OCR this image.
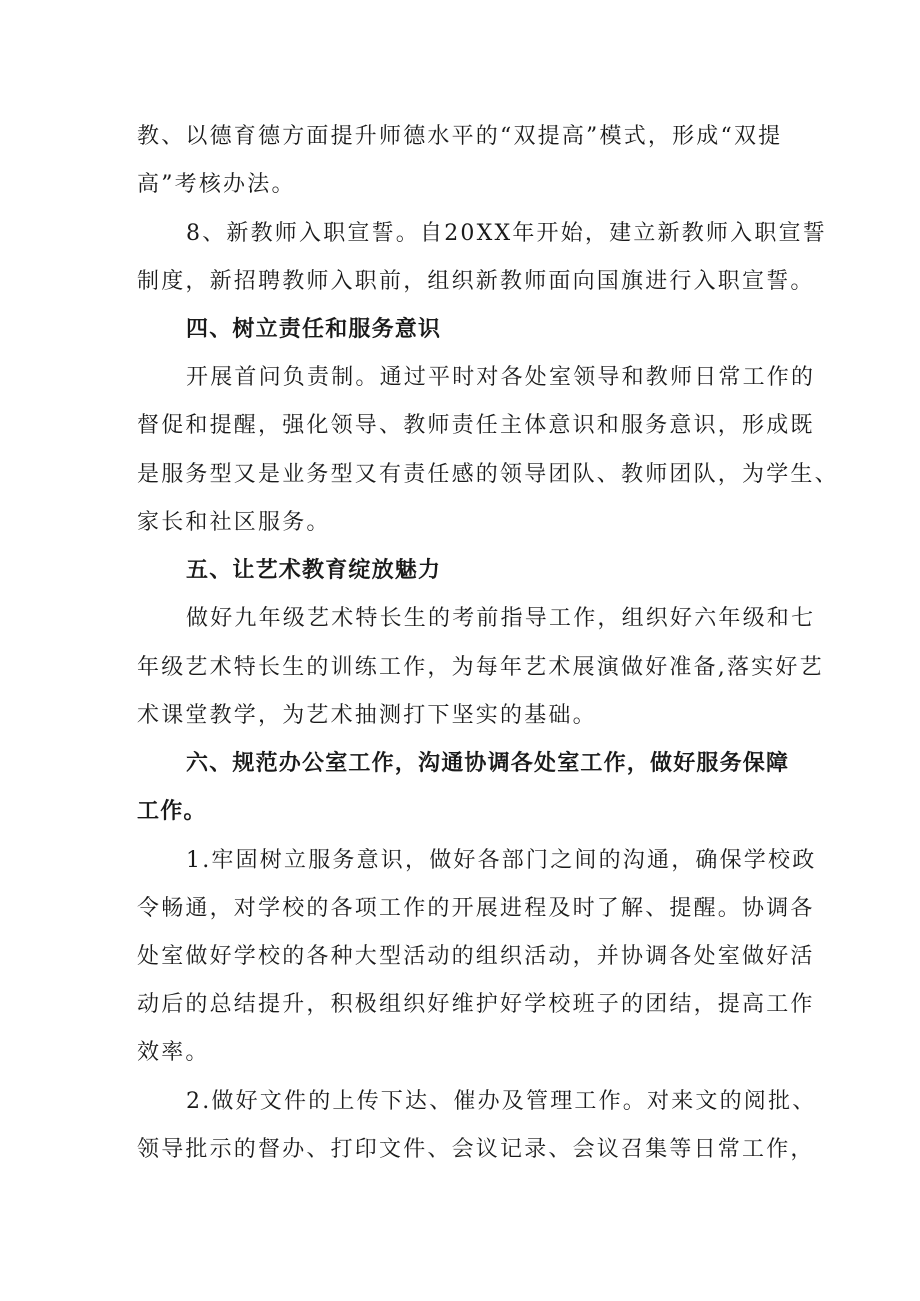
教、以德育德方面提升师德水平的“双提高”模式，形成“双提
高”考核办法。
8、新教师入职宣誓。自20XX年开始，建立新教师入职宣誓
制度，新招聘教师入职前，组织新教师面向国旗进行入职宣誓。
四、树立责任和服务意识
开展首问负责制。通过平时对各处室领导和教师日常工作的
督促和提醒，强化领导、教师责任主体意识和服务意识，形成既
是服务型又是业务型又有责任感的领导团队、教师团队，为学生、
家长和社区服务。
五、让艺术教育绽放魅力
做好九年级艺术特长生的考前指导工作，组织好六年级和七
年级艺术特长生的训练工作，为每年艺术展演做好准备,落实好艺
术课堂教学，为艺术抽测打下坚实的基础。
六、规范办公室工作，沟通协调各处室工作，做好服务保障
工作。
1.牢固树立服务意识，做好各部门之间的沟通，确保学校政
令畅通，对学校的各项工作的开展进程及时了解、提醒。协调各
处室做好学校的各种大型活动的组织活动，并协调各处室做好活
动后的总结提升，积极组织好维护好学校班子的团结，提高工作
效率。
2.做好文件的上传下达、催办及管理工作。对来文的阅批、
领导批示的督办、打印文件、会议记录、会议召集等日常工作，
